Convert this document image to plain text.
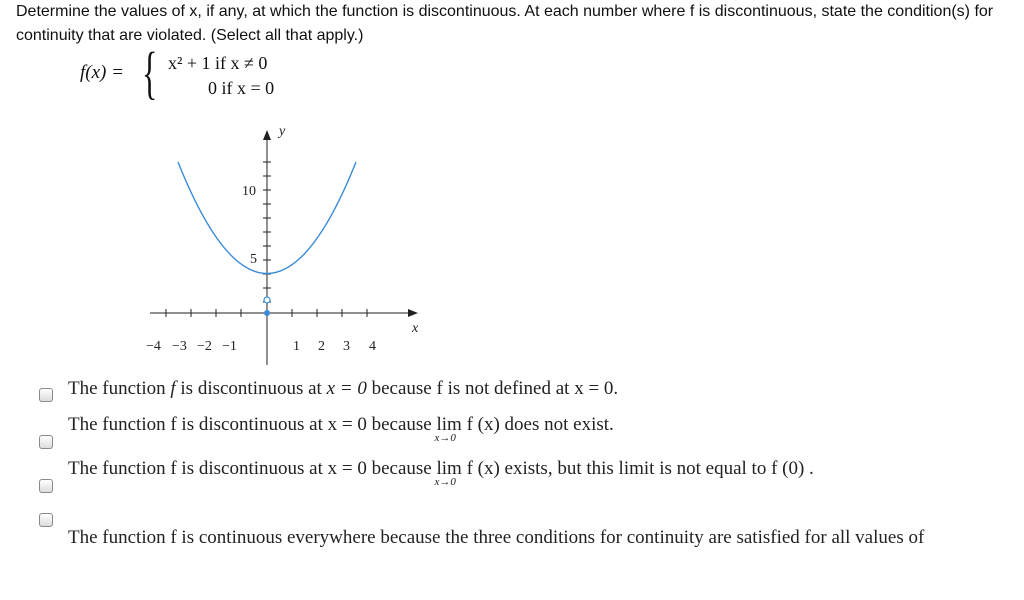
Determine the values of x, if any, at which the function is discontinuous. At each number where f is discontinuous, state the condition(s) for continuity that are violated. (Select all that apply.)
f(x) = { x² + 1 if x ≠ 0
0 if x = 0
x
y
−4 −3 −2 −1	1 2 3 4
10
5
The function f is discontinuous at x = 0 because f is not defined at x = 0.
The function f is discontinuous at x = 0 because lim
x→0
f (x) does not exist.
The function f is discontinuous at x = 0 because lim
x→0
f (x) exists, but this limit is not equal to f (0) .
The function f is continuous everywhere because the three conditions for continuity are satisfied for all values of
